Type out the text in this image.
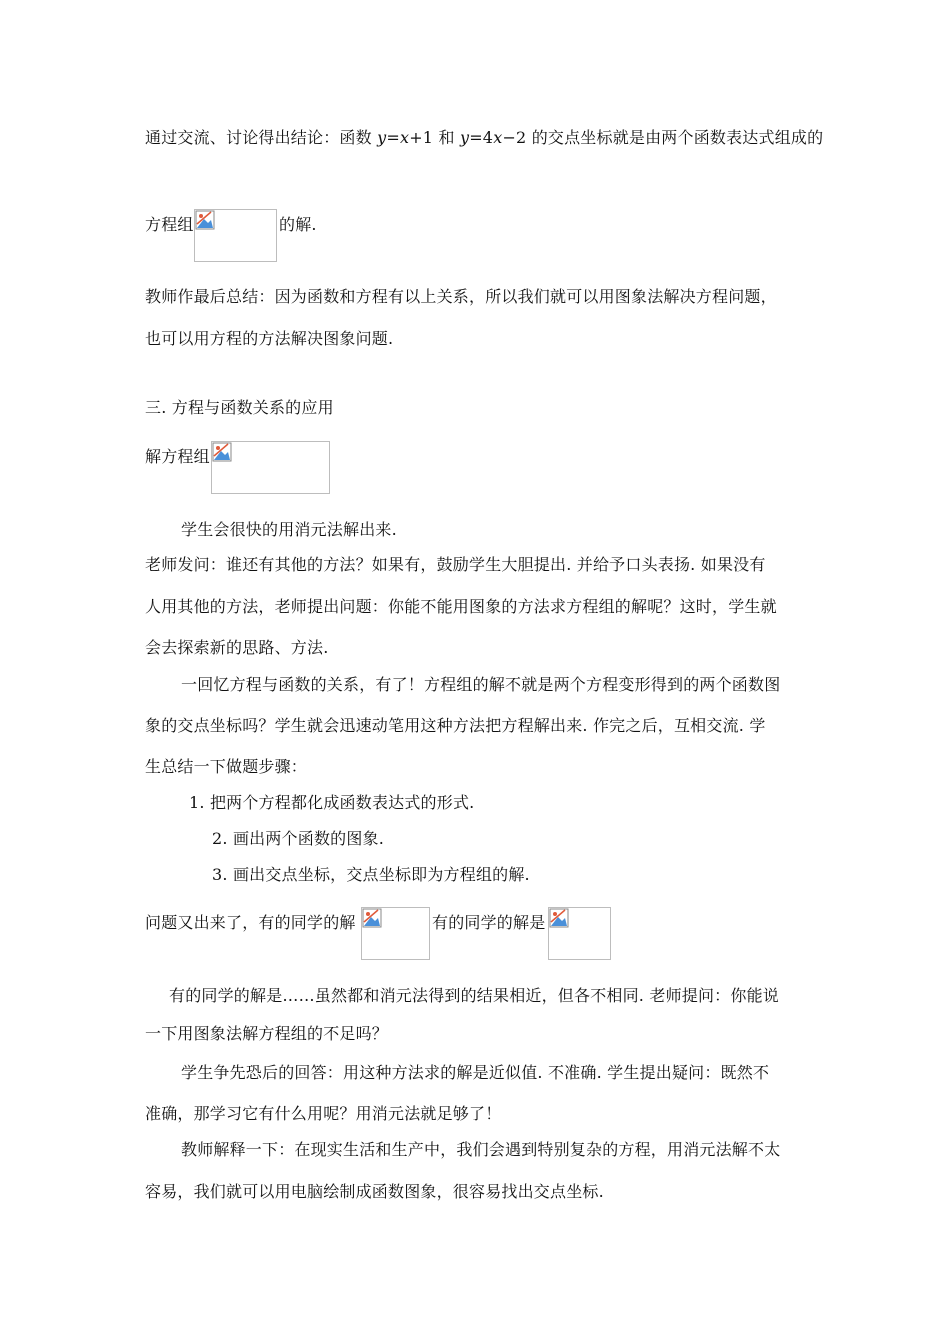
通过交流、讨论得出结论：函数 y=x+1 和 y=4x−2 的交点坐标就是由两个函数表达式组成的
方程组	的解.
教师作最后总结：因为函数和方程有以上关系，所以我们就可以用图象法解决方程问题，
也可以用方程的方法解决图象问题.
三. 方程与函数关系的应用
解方程组
学生会很快的用消元法解出来.
老师发问：谁还有其他的方法？如果有，鼓励学生大胆提出. 并给予口头表扬. 如果没有
人用其他的方法，老师提出问题：你能不能用图象的方法求方程组的解呢？这时，学生就
会去探索新的思路、方法.
一回忆方程与函数的关系，有了！方程组的解不就是两个方程变形得到的两个函数图
象的交点坐标吗？学生就会迅速动笔用这种方法把方程解出来. 作完之后，互相交流. 学
生总结一下做题步骤：
1. 把两个方程都化成函数表达式的形式.
2. 画出两个函数的图象.
3. 画出交点坐标，交点坐标即为方程组的解.
问题又出来了，有的同学的解	有的同学的解是
有的同学的解是……虽然都和消元法得到的结果相近，但各不相同. 老师提问：你能说
一下用图象法解方程组的不足吗？
学生争先恐后的回答：用这种方法求的解是近似值. 不准确. 学生提出疑问：既然不
准确，那学习它有什么用呢？用消元法就足够了！
教师解释一下：在现实生活和生产中，我们会遇到特别复杂的方程，用消元法解不太
容易，我们就可以用电脑绘制成函数图象，很容易找出交点坐标.
